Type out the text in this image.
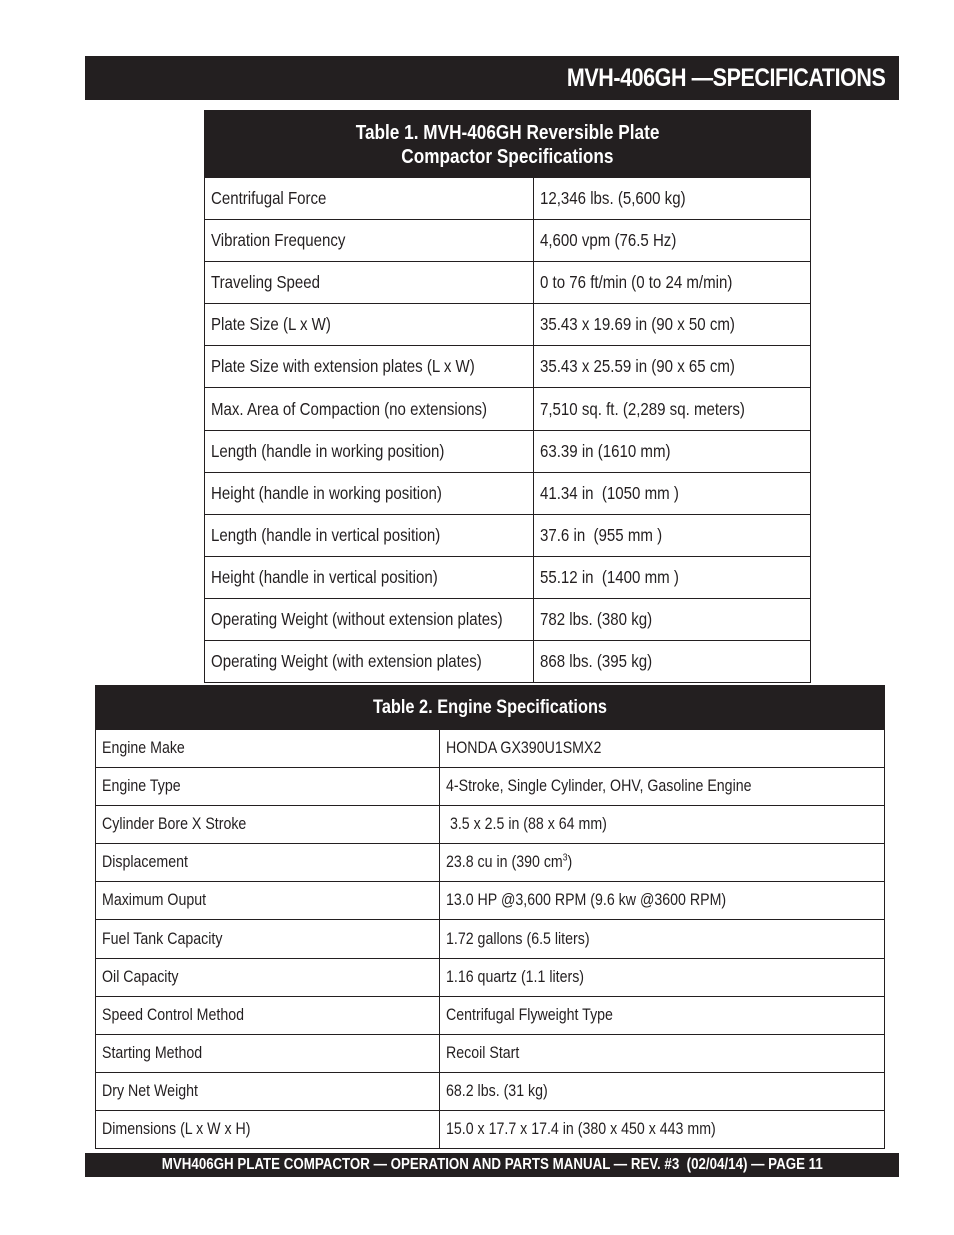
MVH-406GH —SPECIFICATIONS
Table 1. MVH-406GH Reversible Plate
Compactor Specifications	
Centrifugal Force	12,346 lbs. (5,600 kg)
Vibration Frequency	4,600 vpm (76.5 Hz)
Traveling Speed	0 to 76 ft/min (0 to 24 m/min)
Plate Size (L x W)	35.43 x 19.69 in (90 x 50 cm)
Plate Size with extension plates (L x W)	35.43 x 25.59 in (90 x 65 cm)
Max. Area of Compaction (no extensions)	7,510 sq. ft. (2,289 sq. meters)
Length (handle in working position)	63.39 in (1610 mm)
Height (handle in working position)	41.34 in  (1050 mm )
Length (handle in vertical position)	37.6 in  (955 mm )
Height (handle in vertical position)	55.12 in  (1400 mm )
Operating Weight (without extension plates)	782 lbs. (380 kg)
Operating Weight (with extension plates)	868 lbs. (395 kg)
Table 2. Engine Specifications	
Engine Make	HONDA GX390U1SMX2
Engine Type	4-Stroke, Single Cylinder, OHV, Gasoline Engine
Cylinder Bore X Stroke	3.5 x 2.5 in (88 x 64 mm)
Displacement	23.8 cu in (390 $cm^3$)
Maximum Ouput	13.0 HP @3,600 RPM (9.6 kw @3600 RPM)
Fuel Tank Capacity	1.72 gallons (6.5 liters)
Oil Capacity	1.16 quartz (1.1 liters)
Speed Control Method	Centrifugal Flyweight Type
Starting Method	Recoil Start
Dry Net Weight	68.2 lbs. (31 kg)
Dimensions (L x W x H)	15.0 x 17.7 x 17.4 in (380 x 450 x 443 mm)
MVH406GH PLATE COMPACTOR — OPERATION AND PARTS MANUAL — REV. #3  (02/04/14) — PAGE 11
